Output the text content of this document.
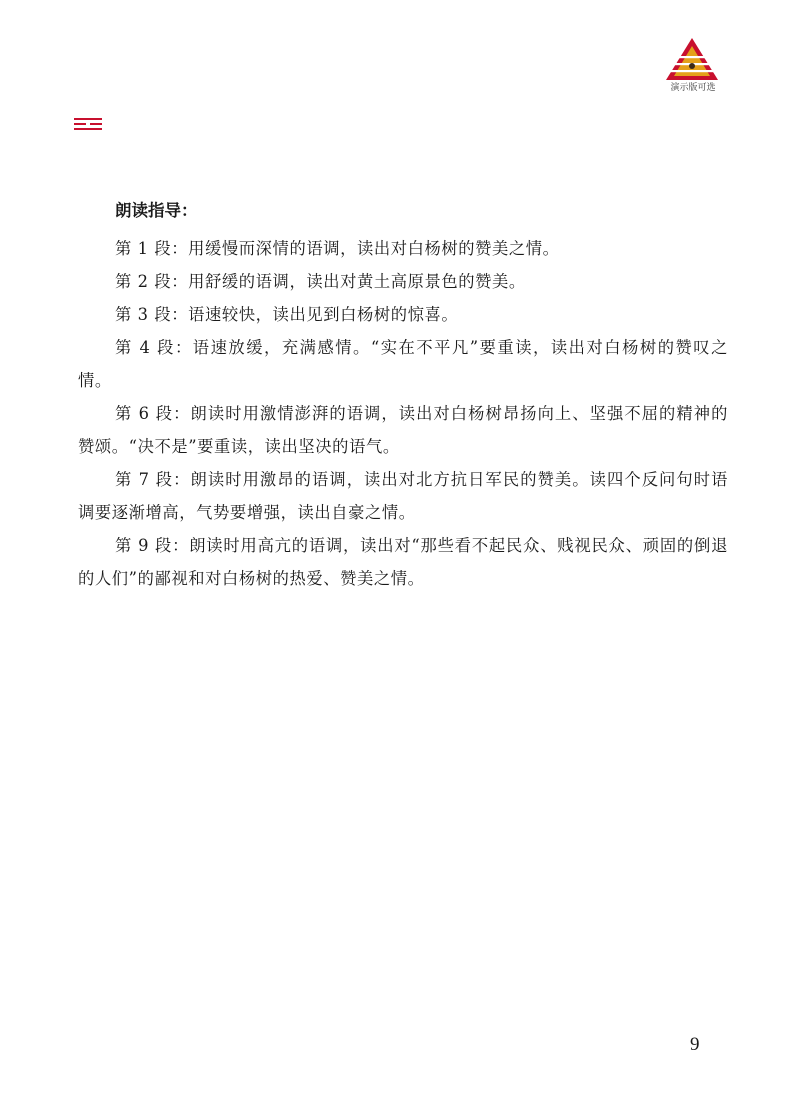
演示版可选
朗读指导：

第 1 段：用缓慢而深情的语调，读出对白杨树的赞美之情。

第 2 段：用舒缓的语调，读出对黄土高原景色的赞美。

第 3 段：语速较快，读出见到白杨树的惊喜。

第 4 段：语速放缓，充满感情。“实在不平凡”要重读，读出对白杨树的赞叹之情。

第 6 段：朗读时用激情澎湃的语调，读出对白杨树昂扬向上、坚强不屈的精神的赞颂。“决不是”要重读，读出坚决的语气。

第 7 段：朗读时用激昂的语调，读出对北方抗日军民的赞美。读四个反问句时语调要逐渐增高，气势要增强，读出自豪之情。

第 9 段：朗读时用高亢的语调，读出对“那些看不起民众、贱视民众、顽固的倒退的人们”的鄙视和对白杨树的热爱、赞美之情。

9
